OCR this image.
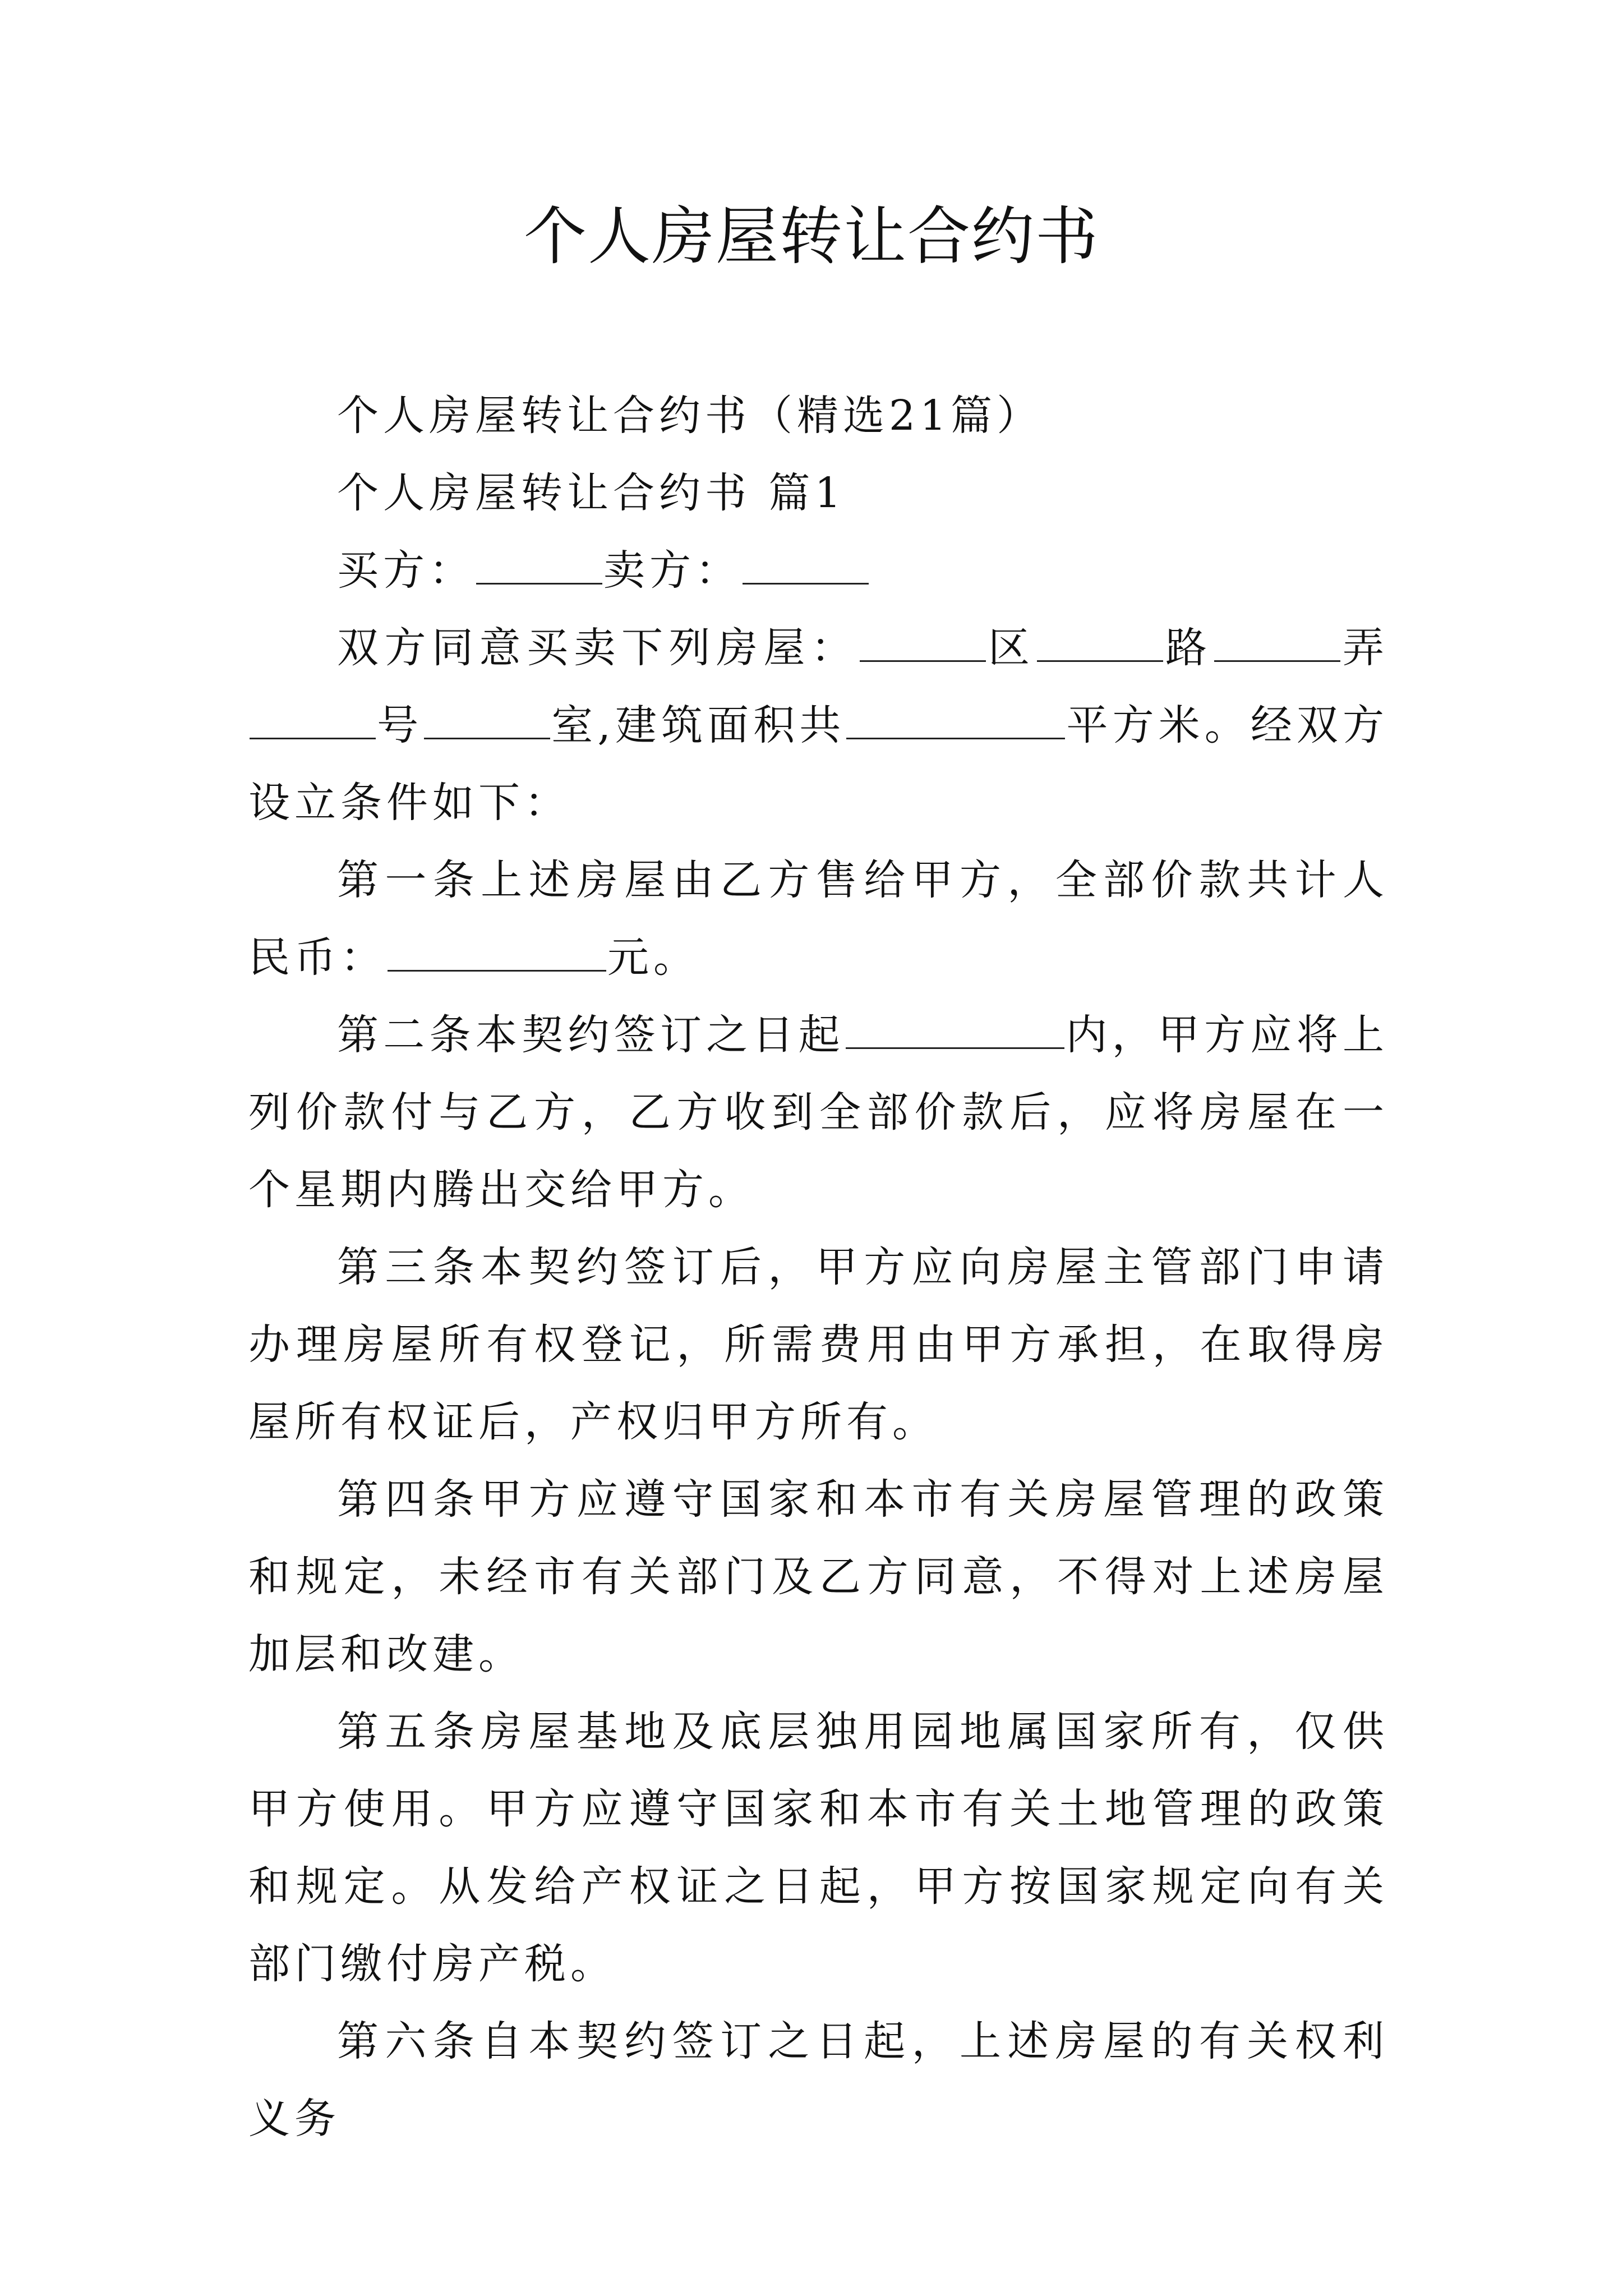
个人房屋转让合约书

个人房屋转让合约书（精选21篇）

个人房屋转让合约书 篇1

买方：	卖方：

双方同意买卖下列房屋：	区	路	弄号	室,建筑面积共	平方米。经双方设立条件如下：

第一条上述房屋由乙方售给甲方，全部价款共计人民币：	元。

第二条本契约签订之日起	内，甲方应将上列价款付与乙方，乙方收到全部价款后，应将房屋在一个星期内腾出交给甲方。

第三条本契约签订后，甲方应向房屋主管部门申请办理房屋所有权登记，所需费用由甲方承担，在取得房屋所有权证后，产权归甲方所有。

第四条甲方应遵守国家和本市有关房屋管理的政策和规定，未经市有关部门及乙方同意，不得对上述房屋加层和改建。

第五条房屋基地及底层独用园地属国家所有，仅供甲方使用。甲方应遵守国家和本市有关土地管理的政策和规定。从发给产权证之日起，甲方按国家规定向有关部门缴付房产税。

第六条自本契约签订之日起，上述房屋的有关权利义务
